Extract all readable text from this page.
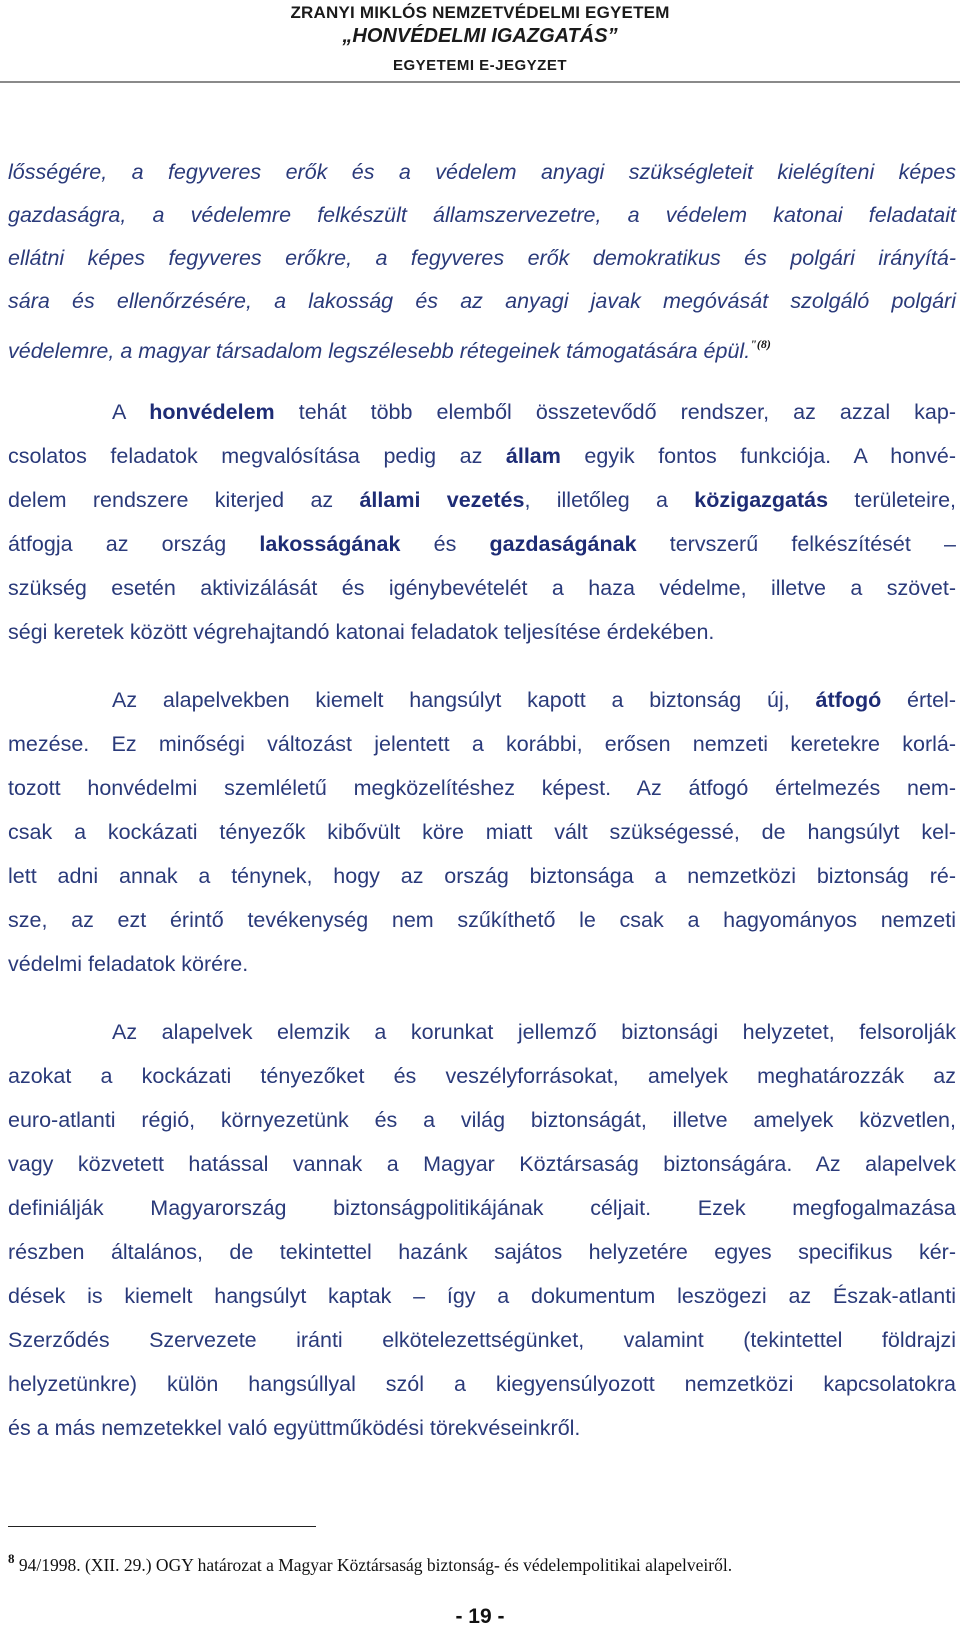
ZRANYI MIKLÓS NEMZETVÉDELMI EGYETEM
„HONVÉDELMI IGAZGATÁS”
EGYETEMI E-JEGYZET
lősségére, a fegyveres erők és a védelem anyagi szükségleteit kielégíteni képes
gazdaságra, a védelemre felkészült államszervezetre, a védelem katonai feladatait
ellátni képes fegyveres erőkre, a fegyveres erők demokratikus és polgári irányítá-
sára és ellenőrzésére, a lakosság és az anyagi javak megóvását szolgáló polgári
védelemre, a magyar társadalom legszélesebb rétegeinek támogatására épül.$^{"(8)}$
A honvédelem tehát több elemből összetevődő rendszer, az azzal kap-
csolatos feladatok megvalósítása pedig az állam egyik fontos funkciója. A honvé-
delem rendszere kiterjed az állami vezetés, illetőleg a közigazgatás területeire,
átfogja az ország lakosságának és gazdaságának tervszerű felkészítését –
szükség esetén aktivizálását és igénybevételét a haza védelme, illetve a szövet-
ségi keretek között végrehajtandó katonai feladatok teljesítése érdekében.
Az alapelvekben kiemelt hangsúlyt kapott a biztonság új, átfogó értel-
mezése. Ez minőségi változást jelentett a korábbi, erősen nemzeti keretekre korlá-
tozott honvédelmi szemléletű megközelítéshez képest. Az átfogó értelmezés nem-
csak a kockázati tényezők kibővült köre miatt vált szükségessé, de hangsúlyt kel-
lett adni annak a ténynek, hogy az ország biztonsága a nemzetközi biztonság ré-
sze, az ezt érintő tevékenység nem szűkíthető le csak a hagyományos nemzeti
védelmi feladatok körére.
Az alapelvek elemzik a korunkat jellemző biztonsági helyzetet, felsorolják
azokat a kockázati tényezőket és veszélyforrásokat, amelyek meghatározzák az
euro-atlanti régió, környezetünk és a világ biztonságát, illetve amelyek közvetlen,
vagy közvetett hatással vannak a Magyar Köztársaság biztonságára. Az alapelvek
definiálják Magyarország biztonságpolitikájának céljait. Ezek megfogalmazása
részben általános, de tekintettel hazánk sajátos helyzetére egyes specifikus kér-
dések is kiemelt hangsúlyt kaptak – így a dokumentum leszögezi az Észak-atlanti
Szerződés Szervezete iránti elkötelezettségünket, valamint (tekintettel földrajzi
helyzetünkre) külön hangsúllyal szól a kiegyensúlyozott nemzetközi kapcsolatokra
és a más nemzetekkel való együttműködési törekvéseinkről.
$^8$ 94/1998. (XII. 29.) OGY határozat a Magyar Köztársaság biztonság- és védelempolitikai alapelveiről.
- 19 -
